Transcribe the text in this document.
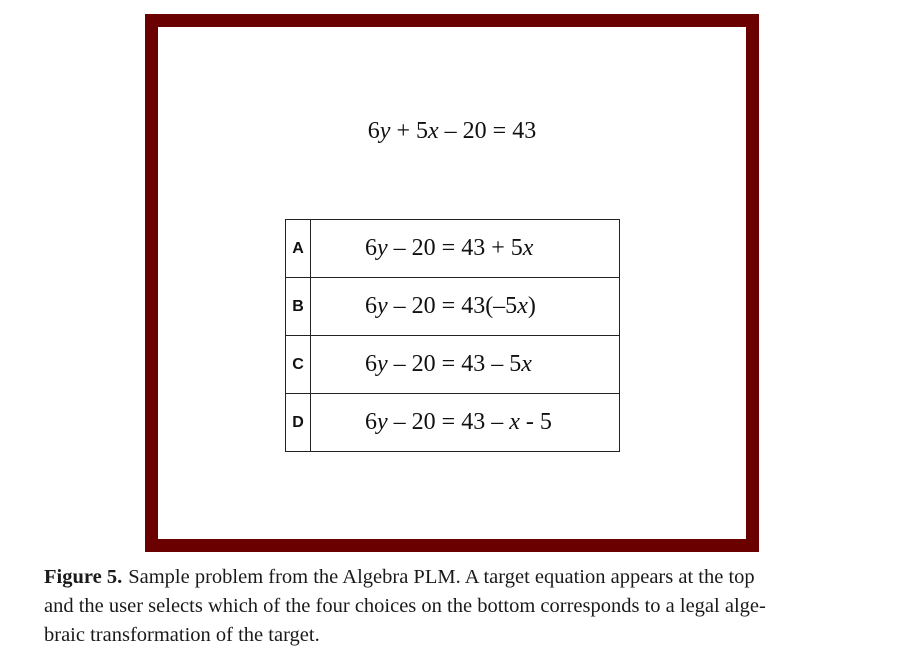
6y + 5x – 20 = 43
A	6y – 20 = 43 + 5x
B	6y – 20 = 43(–5x)
C	6y – 20 = 43 – 5x
D	6y – 20 = 43 – x - 5
Figure 5. Sample problem from the Algebra PLM. A target equation appears at the top
and the user selects which of the four choices on the bottom corresponds to a legal alge-
braic transformation of the target.
